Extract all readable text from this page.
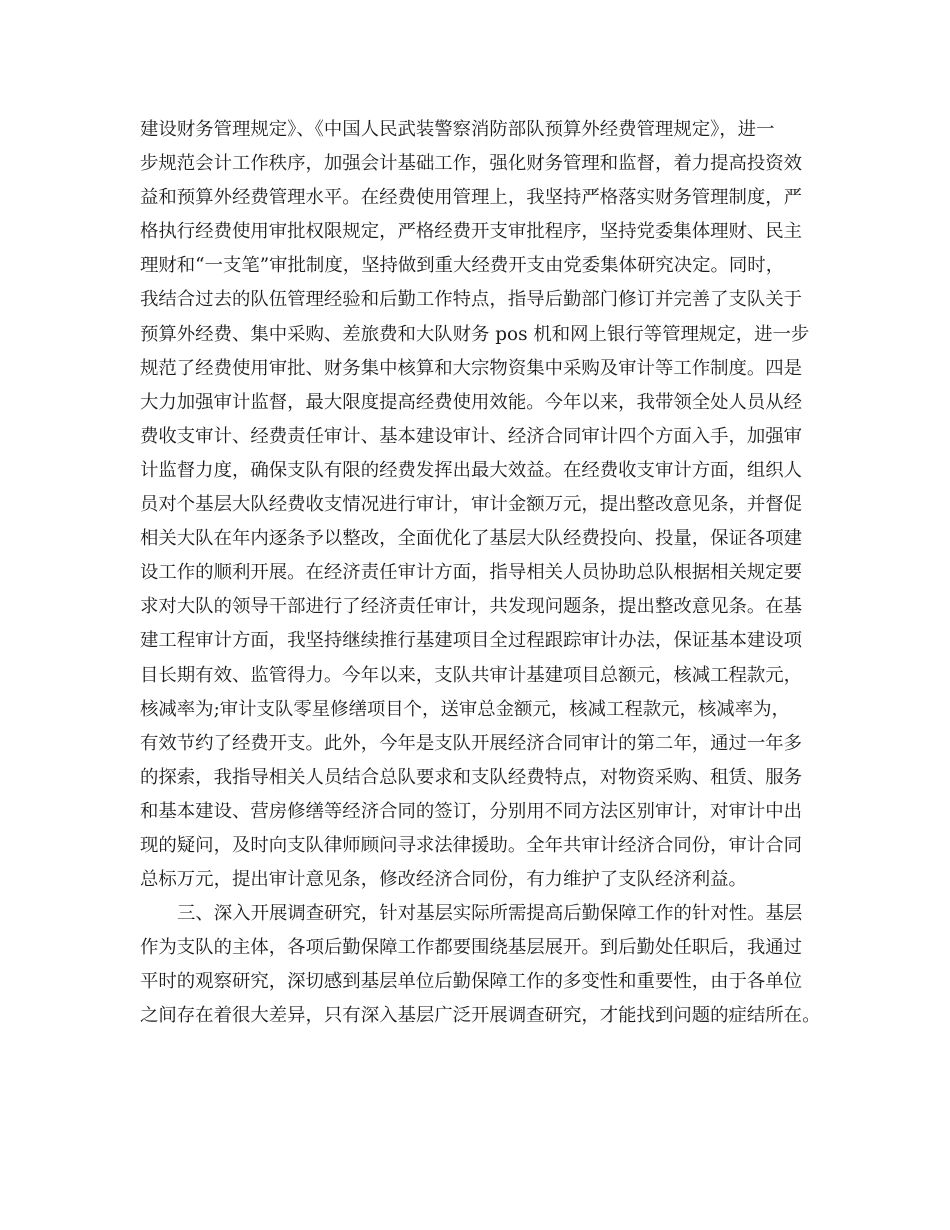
建设财务管理规定》、《中国人民武装警察消防部队预算外经费管理规定》，进一
步规范会计工作秩序，加强会计基础工作，强化财务管理和监督，着力提高投资效
益和预算外经费管理水平。在经费使用管理上，我坚持严格落实财务管理制度，严
格执行经费使用审批权限规定，严格经费开支审批程序，坚持党委集体理财、民主
理财和“一支笔”审批制度，坚持做到重大经费开支由党委集体研究决定。同时，
我结合过去的队伍管理经验和后勤工作特点，指导后勤部门修订并完善了支队关于
预算外经费、集中采购、差旅费和大队财务 pos 机和网上银行等管理规定，进一步
规范了经费使用审批、财务集中核算和大宗物资集中采购及审计等工作制度。四是
大力加强审计监督，最大限度提高经费使用效能。今年以来，我带领全处人员从经
费收支审计、经费责任审计、基本建设审计、经济合同审计四个方面入手，加强审
计监督力度，确保支队有限的经费发挥出最大效益。在经费收支审计方面，组织人
员对个基层大队经费收支情况进行审计，审计金额万元，提出整改意见条，并督促
相关大队在年内逐条予以整改，全面优化了基层大队经费投向、投量，保证各项建
设工作的顺利开展。在经济责任审计方面，指导相关人员协助总队根据相关规定要
求对大队的领导干部进行了经济责任审计，共发现问题条，提出整改意见条。在基
建工程审计方面，我坚持继续推行基建项目全过程跟踪审计办法，保证基本建设项
目长期有效、监管得力。今年以来，支队共审计基建项目总额元，核减工程款元，
核减率为;审计支队零星修缮项目个，送审总金额元，核减工程款元，核减率为，
有效节约了经费开支。此外，今年是支队开展经济合同审计的第二年，通过一年多
的探索，我指导相关人员结合总队要求和支队经费特点，对物资采购、租赁、服务
和基本建设、营房修缮等经济合同的签订，分别用不同方法区别审计，对审计中出
现的疑问，及时向支队律师顾问寻求法律援助。全年共审计经济合同份，审计合同
总标万元，提出审计意见条，修改经济合同份，有力维护了支队经济利益。
三、深入开展调查研究，针对基层实际所需提高后勤保障工作的针对性。基层
作为支队的主体，各项后勤保障工作都要围绕基层展开。到后勤处任职后，我通过
平时的观察研究，深切感到基层单位后勤保障工作的多变性和重要性，由于各单位
之间存在着很大差异，只有深入基层广泛开展调查研究，才能找到问题的症结所在。
